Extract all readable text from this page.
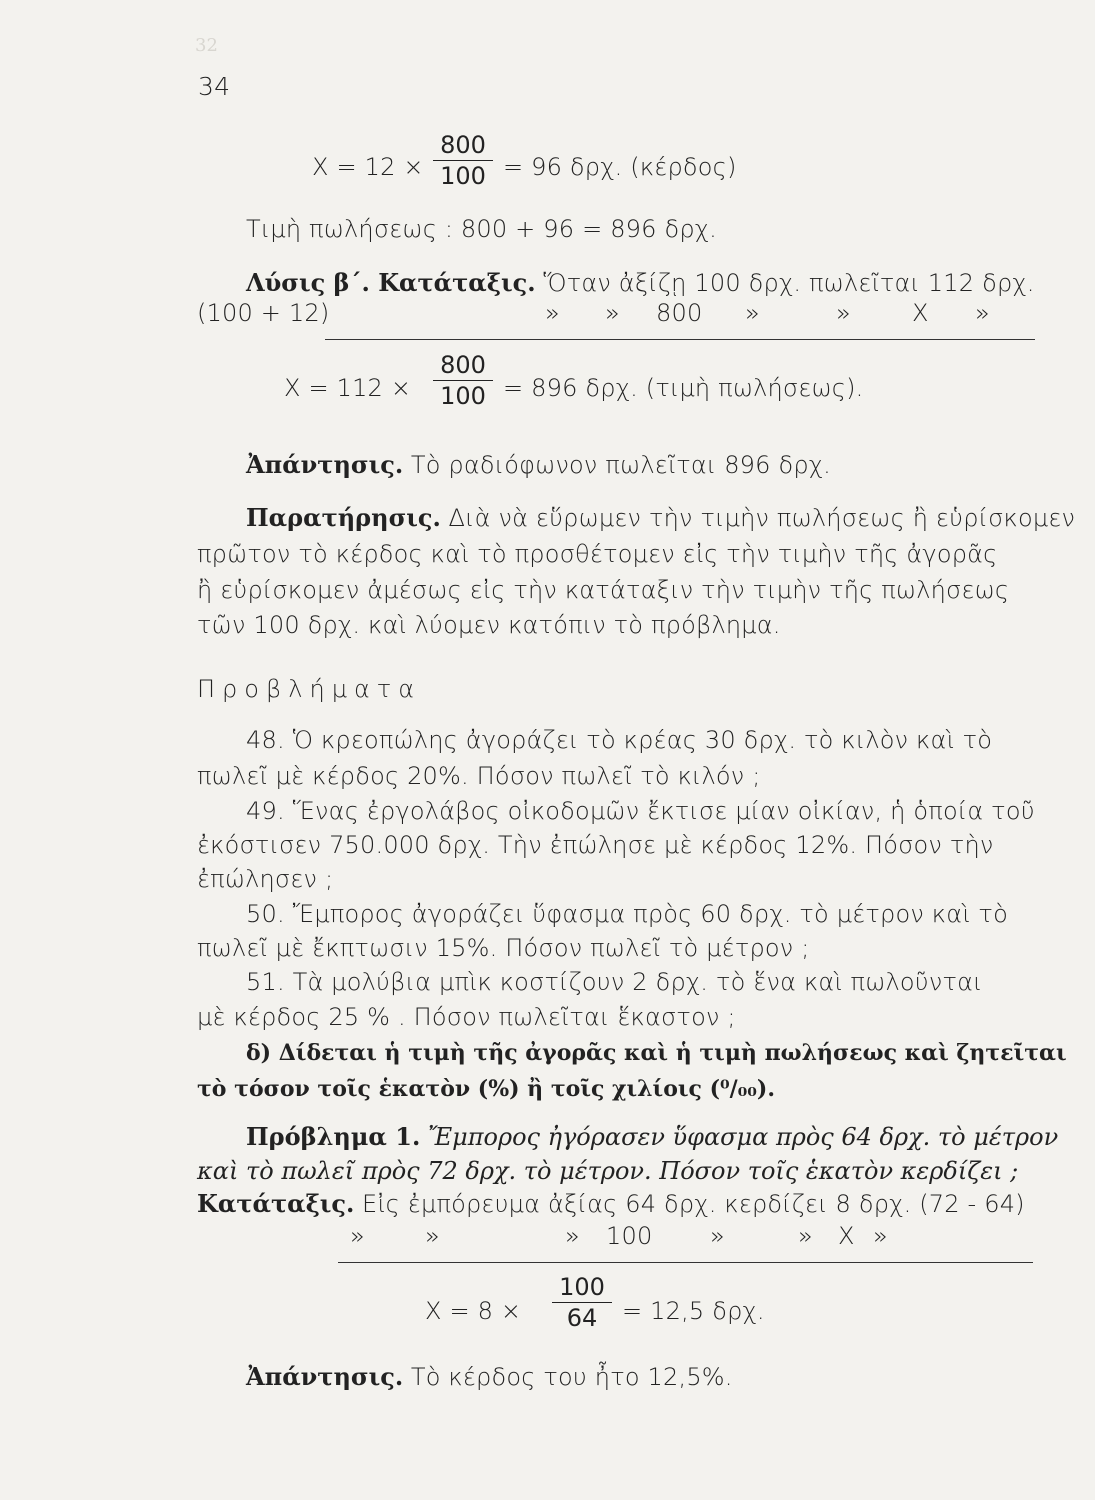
32
34
X = 12 ×
800
100 = 96 δρχ. (κέρδος)
Τιμὴ πωλήσεως : 800 + 96 = 896 δρχ.
Λύσις β΄. Κατάταξις. Ὅταν ἀξίζῃ 100 δρχ. πωλεῖται 112 δρχ.
(100 + 12)	» » 800 »	»	X »
X = 112 ×
800
100 = 896 δρχ. (τιμὴ πωλήσεως).
Ἀπάντησις. Τὸ ραδιόφωνον πωλεῖται 896 δρχ.
Παρατήρησις. Διὰ νὰ εὕρωμεν τὴν τιμὴν πωλήσεως ἢ εὑρίσκομεν
πρῶτον τὸ κέρδος καὶ τὸ προσθέτομεν εἰς τὴν τιμὴν τῆς ἀγορᾶς
ἢ εὑρίσκομεν ἀμέσως εἰς τὴν κατάταξιν τὴν τιμὴν τῆς πωλήσεως
τῶν 100 δρχ. καὶ λύομεν κατόπιν τὸ πρόβλημα.
Προβλήματα
48. Ὁ κρεοπώλης ἀγοράζει τὸ κρέας 30 δρχ. τὸ κιλὸν καὶ τὸ
πωλεῖ μὲ κέρδος 20%. Πόσον πωλεῖ τὸ κιλόν ;
49. Ἕνας ἐργολάβος οἰκοδομῶν ἔκτισε μίαν οἰκίαν, ἡ ὁποία τοῦ
ἐκόστισεν 750.000 δρχ. Τὴν ἐπώλησε μὲ κέρδος 12%. Πόσον τὴν
ἐπώλησεν ;
50. Ἔμπορος ἀγοράζει ὕφασμα πρὸς 60 δρχ. τὸ μέτρον καὶ τὸ
πωλεῖ μὲ ἔκπτωσιν 15%. Πόσον πωλεῖ τὸ μέτρον ;
51. Τὰ μολύβια μπὶκ κοστίζουν 2 δρχ. τὸ ἕνα καὶ πωλοῦνται
μὲ κέρδος 25 % . Πόσον πωλεῖται ἕκαστον ;
δ) Δίδεται ἡ τιμὴ τῆς ἀγορᾶς καὶ ἡ τιμὴ πωλήσεως καὶ ζητεῖται
τὸ τόσον τοῖς ἑκατὸν (%) ἢ τοῖς χιλίοις (⁰/₀₀).
Πρόβλημα 1. Ἔμπορος ἠγόρασεν ὕφασμα πρὸς 64 δρχ. τὸ μέτρον
καὶ τὸ πωλεῖ πρὸς 72 δρχ. τὸ μέτρον. Πόσον τοῖς ἑκατὸν κερδίζει ;
Κατάταξις. Εἰς ἐμπόρευμα ἀξίας 64 δρχ. κερδίζει 8 δρχ. (72 - 64)
»	»	» 100 »	» X »
X = 8 ×
100
64	= 12,5 δρχ.
Ἀπάντησις. Τὸ κέρδος του ἦτο 12,5%.
